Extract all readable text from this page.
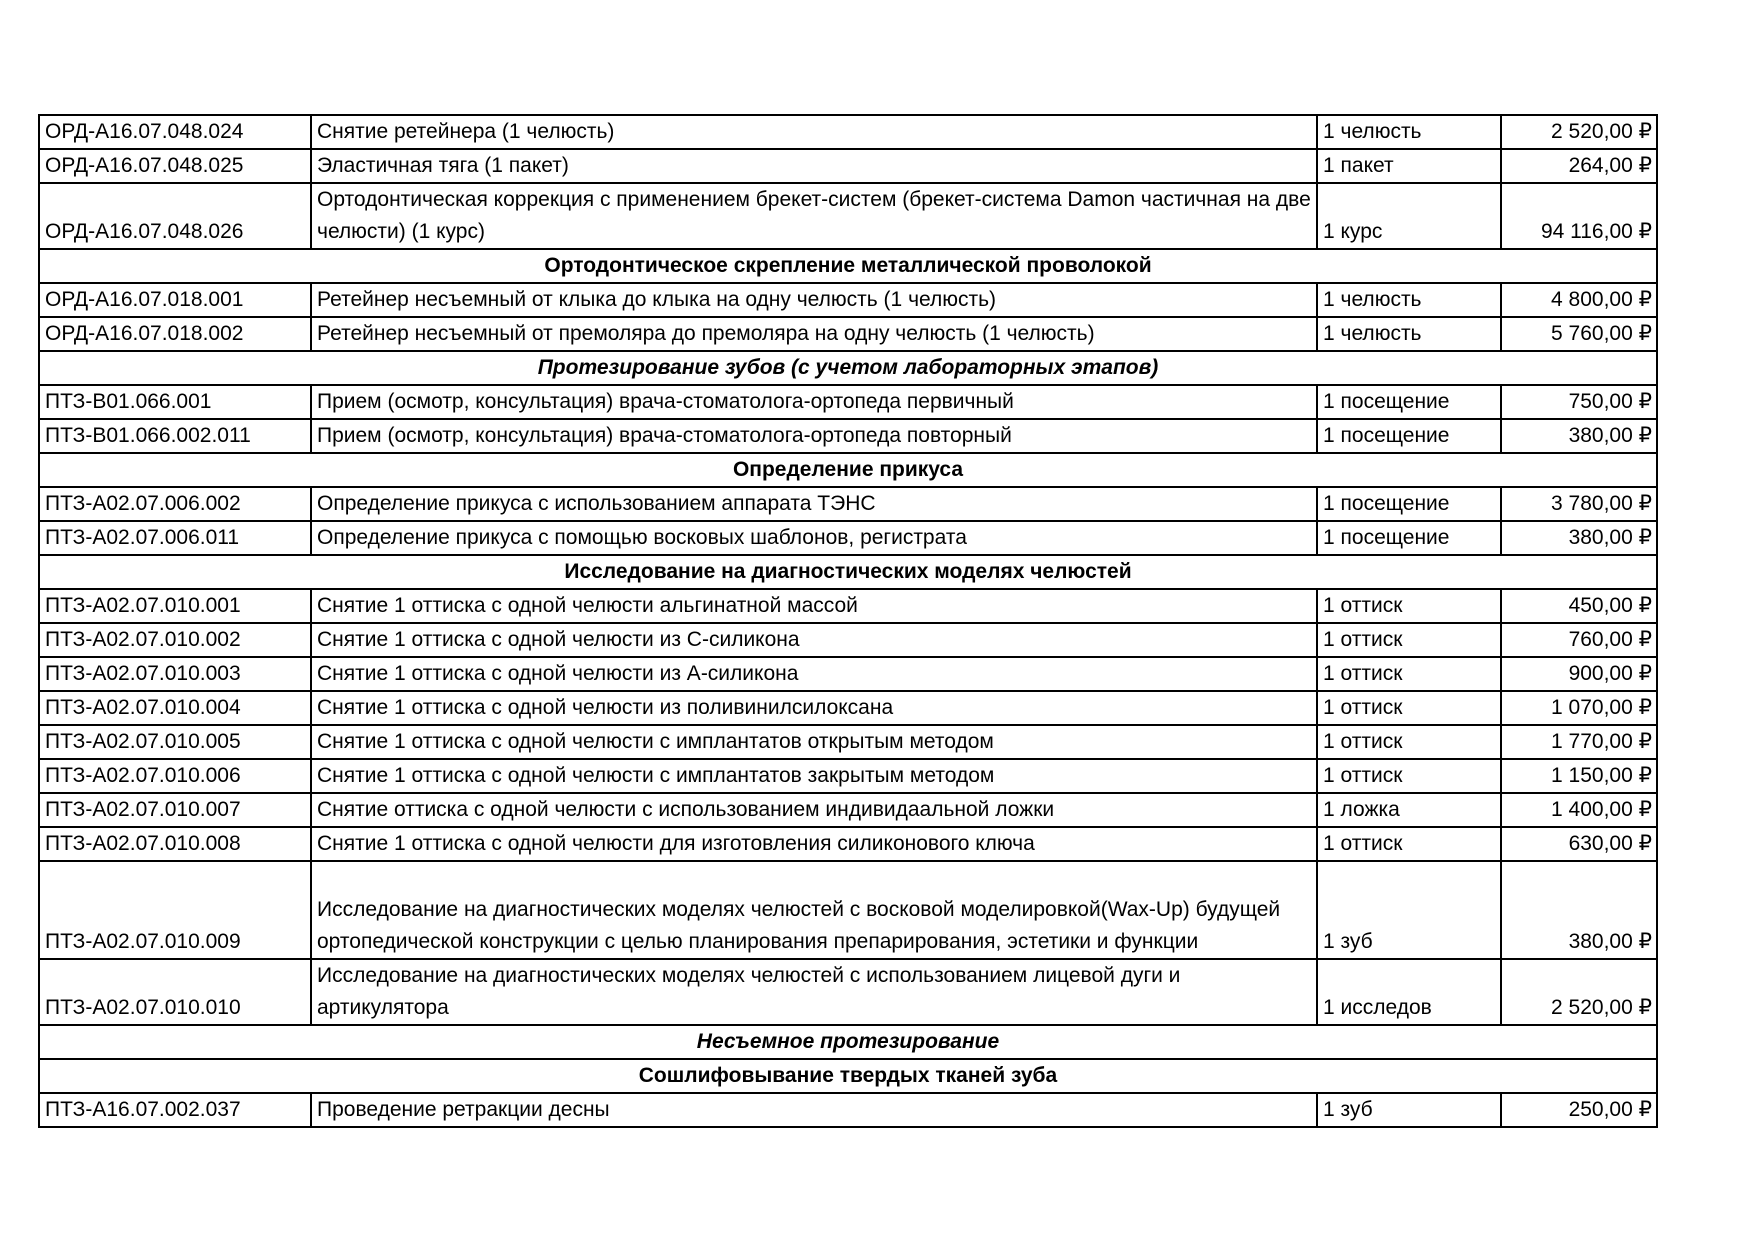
ОРД-A16.07.048.024	Снятие ретейнера (1 челюсть)	1 челюсть	2 520,00 ₽
ОРД-A16.07.048.025	Эластичная тяга (1 пакет)	1 пакет	264,00 ₽
ОРД-A16.07.048.026	Ортодонтическая коррекция с применением брекет-систем (брекет-система Damon частичная на две челюсти) (1 курс)	1 курс	94 116,00 ₽
Ортодонтическое скрепление металлической проволокой			
ОРД-A16.07.018.001	Ретейнер несъемный от клыка до клыка на одну челюсть (1 челюсть)	1 челюсть	4 800,00 ₽
ОРД-A16.07.018.002	Ретейнер несъемный от премоляра до премоляра на одну челюсть (1 челюсть)	1 челюсть	5 760,00 ₽
Протезирование зубов (с учетом лабораторных этапов)			
ПТЗ-B01.066.001	Прием (осмотр, консультация) врача-стоматолога-ортопеда первичный	1 посещение	750,00 ₽
ПТЗ-B01.066.002.011	Прием (осмотр, консультация) врача-стоматолога-ортопеда повторный	1 посещение	380,00 ₽
Определение прикуса			
ПТЗ-A02.07.006.002	Определение прикуса с использованием аппарата ТЭНС	1 посещение	3 780,00 ₽
ПТЗ-A02.07.006.011	Определение прикуса с помощью восковых шаблонов, регистрата	1 посещение	380,00 ₽
Исследование на диагностических моделях челюстей			
ПТЗ-A02.07.010.001	Снятие 1 оттиска с одной челюсти альгинатной массой	1 оттиск	450,00 ₽
ПТЗ-A02.07.010.002	Снятие 1 оттиска с одной челюсти из С-силикона	1 оттиск	760,00 ₽
ПТЗ-A02.07.010.003	Снятие 1 оттиска с одной челюсти из А-силикона	1 оттиск	900,00 ₽
ПТЗ-A02.07.010.004	Снятие 1 оттиска с одной челюсти из поливинилсилоксана	1 оттиск	1 070,00 ₽
ПТЗ-A02.07.010.005	Снятие 1 оттиска с одной челюсти с имплантатов открытым методом	1 оттиск	1 770,00 ₽
ПТЗ-A02.07.010.006	Снятие 1 оттиска с одной челюсти с имплантатов закрытым методом	1 оттиск	1 150,00 ₽
ПТЗ-A02.07.010.007	Снятие оттиска с одной челюсти с использованием индивидаальной ложки	1 ложка	1 400,00 ₽
ПТЗ-A02.07.010.008	Снятие 1 оттиска с одной челюсти для изготовления силиконового ключа	1 оттиск	630,00 ₽
ПТЗ-A02.07.010.009	Исследование на диагностических моделях челюстей с восковой моделировкой(Wax-Up) будущей ортопедической конструкции с целью планирования препарирования, эстетики и функции	1 зуб	380,00 ₽
ПТЗ-A02.07.010.010	Исследование на диагностических моделях челюстей с использованием лицевой дуги и артикулятора	1 исследов	2 520,00 ₽
Несъемное протезирование			
Сошлифовывание твердых тканей зуба			
ПТЗ-A16.07.002.037	Проведение ретракции десны	1 зуб	250,00 ₽
